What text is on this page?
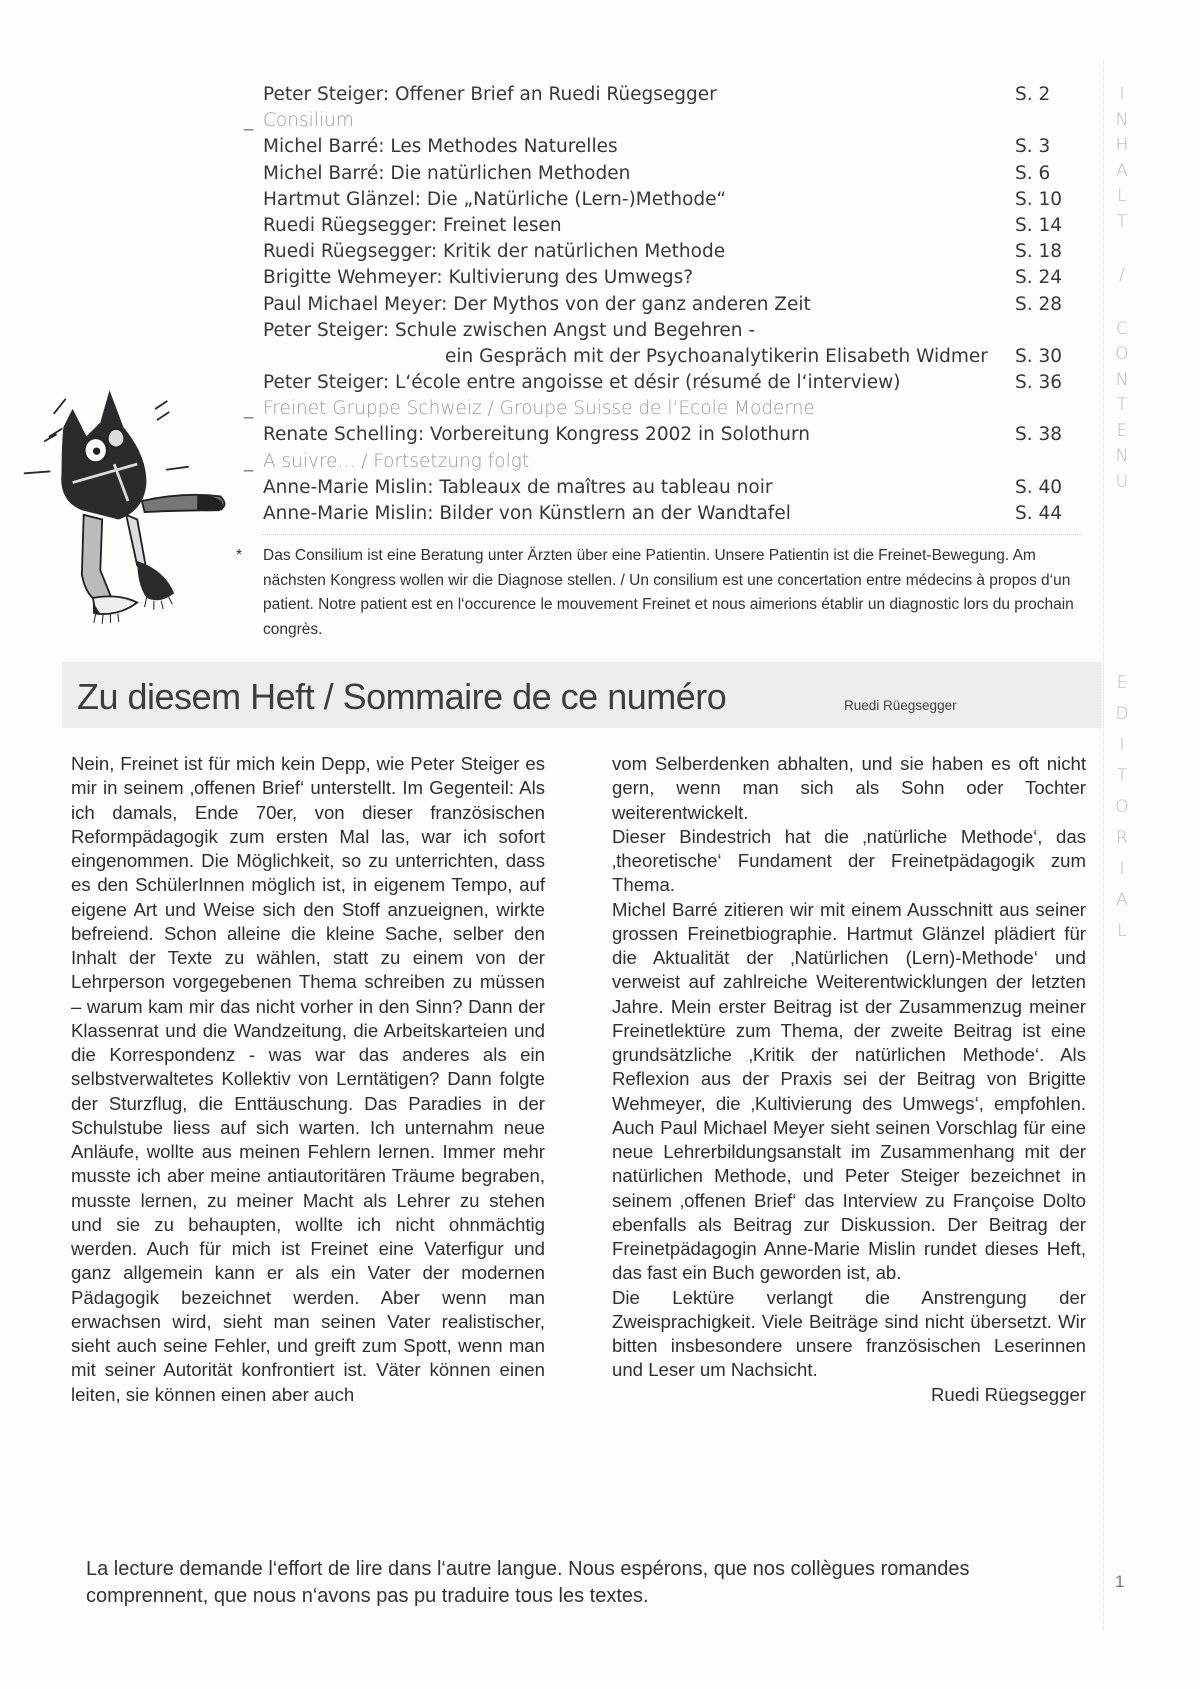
Peter Steiger: Offener Brief an Ruedi Rüegsegger	S. 2
_ Consilium
Michel Barré: Les Methodes Naturelles	S. 3
Michel Barré: Die natürlichen Methoden	S. 6
Hartmut Glänzel: Die „Natürliche (Lern-)Methode“	S. 10
Ruedi Rüegsegger: Freinet lesen	S. 14
Ruedi Rüegsegger: Kritik der natürlichen Methode	S. 18
Brigitte Wehmeyer: Kultivierung des Umwegs?	S. 24
Paul Michael Meyer: Der Mythos von der ganz anderen Zeit	S. 28
Peter Steiger: Schule zwischen Angst und Begehren -
ein Gespräch mit der Psychoanalytikerin Elisabeth Widmer S. 30
Peter Steiger: L‘école entre angoisse et désir (résumé de l‘interview)	S. 36
_ Freinet Gruppe Schweiz / Groupe Suisse de l‘Ecole Moderne
Renate Schelling: Vorbereitung Kongress 2002 in Solothurn	S. 38
_ A suivre... / Fortsetzung folgt
Anne-Marie Mislin: Tableaux de maîtres au tableau noir	S. 40
Anne-Marie Mislin: Bilder von Künstlern an der Wandtafel	S. 44
* Das Consilium ist eine Beratung unter Ärzten über eine Patientin. Unsere Patientin ist die Freinet-Bewegung. Am nächsten Kongress wollen wir die Diagnose stellen. / Un consilium est une concertation entre médecins à propos d‘un patient. Notre patient est en l‘occurence le mouvement Freinet et nous aimerions établir un diagnostic lors du prochain congrès.
I
N
H
A
L
T
/
C
O
N
T
E
N
U
E
D
I
T
O
R
I
A
L
Zu diesem Heft / Sommaire de ce numéro	Ruedi Rüegsegger

Nein, Freinet ist für mich kein Depp, wie Peter Steiger es mir in seinem ‚offenen Brief‘ unterstellt. Im Gegenteil: Als ich damals, Ende 70er, von dieser französischen Reformpädagogik zum ersten Mal las, war ich sofort eingenommen. Die Möglichkeit, so zu unterrichten, dass es den SchülerInnen möglich ist, in eigenem Tempo, auf eigene Art und Weise sich den Stoff anzueignen, wirkte befreiend. Schon alleine die kleine Sache, selber den Inhalt der Texte zu wählen, statt zu einem von der Lehrperson vorgegebenen Thema schreiben zu müssen – warum kam mir das nicht vorher in den Sinn? Dann der Klassenrat und die Wandzeitung, die Arbeitskarteien und die Korrespondenz - was war das anderes als ein selbstverwaltetes Kollektiv von Lerntätigen? Dann folgte der Sturzflug, die Enttäuschung. Das Paradies in der Schulstube liess auf sich warten. Ich unternahm neue Anläufe, wollte aus meinen Fehlern lernen. Immer mehr musste ich aber meine antiautoritären Träume begraben, musste lernen, zu meiner Macht als Lehrer zu stehen und sie zu behaupten, wollte ich nicht ohnmächtig werden. Auch für mich ist Freinet eine Vaterfigur und ganz allgemein kann er als ein Vater der modernen Pädagogik bezeichnet werden. Aber wenn man erwachsen wird, sieht man seinen Vater realistischer, sieht auch seine Fehler, und greift zum Spott, wenn man mit seiner Autorität konfrontiert ist. Väter können einen leiten, sie können einen aber auch

vom Selberdenken abhalten, und sie haben es oft nicht gern, wenn man sich als Sohn oder Tochter weiterentwickelt.

Dieser Bindestrich hat die ‚natürliche Methode‘, das ‚theoretische‘ Fundament der Freinetpädagogik zum Thema.

Michel Barré zitieren wir mit einem Ausschnitt aus seiner grossen Freinetbiographie. Hartmut Glänzel plädiert für die Aktualität der ‚Natürlichen (Lern)-Methode‘ und verweist auf zahlreiche Weiterentwicklungen der letzten Jahre. Mein erster Beitrag ist der Zusammenzug meiner Freinetlektüre zum Thema, der zweite Beitrag ist eine grundsätzliche ‚Kritik der natürlichen Methode‘. Als Reflexion aus der Praxis sei der Beitrag von Brigitte Wehmeyer, die ‚Kultivierung des Umwegs‘, empfohlen. Auch Paul Michael Meyer sieht seinen Vorschlag für eine neue Lehrerbildungsanstalt im Zusammenhang mit der natürlichen Methode, und Peter Steiger bezeichnet in seinem ‚offenen Brief‘ das Interview zu Françoise Dolto ebenfalls als Beitrag zur Diskussion. Der Beitrag der Freinetpädagogin Anne-Marie Mislin rundet dieses Heft, das fast ein Buch geworden ist, ab.

Die Lektüre verlangt die Anstrengung der Zweisprachigkeit. Viele Beiträge sind nicht übersetzt. Wir bitten insbesondere unsere französischen Leserinnen und Leser um Nachsicht.

Ruedi Rüegsegger

La lecture demande l‘effort de lire dans l‘autre langue. Nous espérons, que nos collègues romandes comprennent, que nous n‘avons pas pu traduire tous les textes.
1
